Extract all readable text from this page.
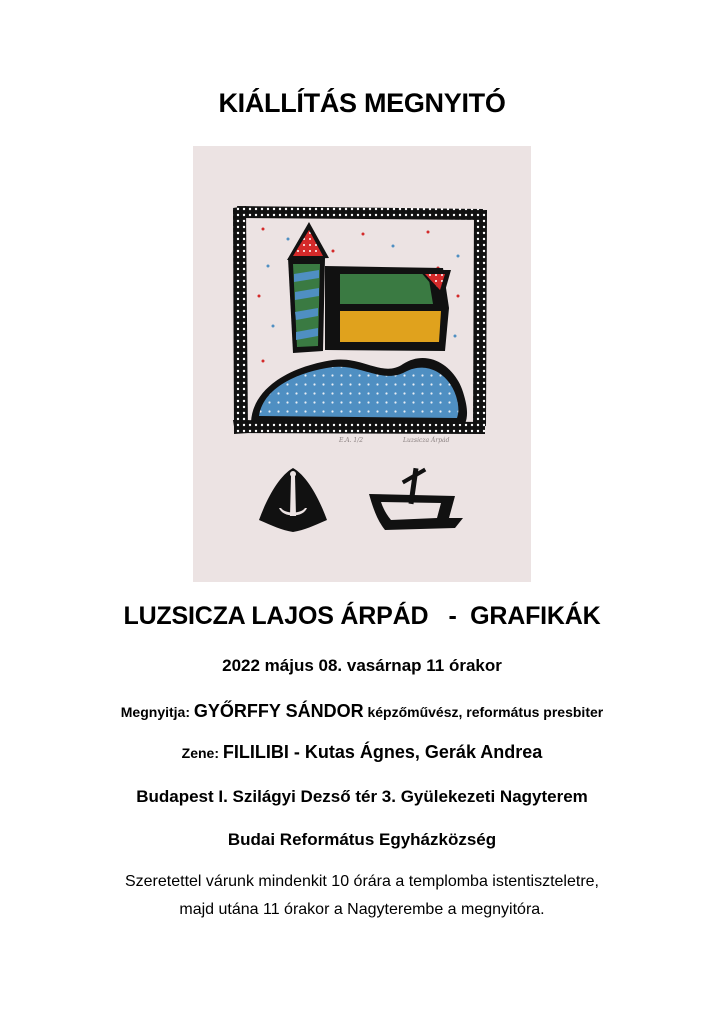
KIÁLLÍTÁS MEGNYITÓ
E.A. 1/2	Luzsicza Árpád
LUZSICZA LAJOS ÁRPÁD   -  GRAFIKÁK
2022 május 08. vasárnap 11 órakor
Megnyitja: GYŐRFFY SÁNDOR képzőművész, református presbiter
Zene: FILILIBI - Kutas Ágnes, Gerák Andrea
Budapest I. Szilágyi Dezső tér 3. Gyülekezeti Nagyterem
Budai Református Egyházközség
Szeretettel várunk mindenkit 10 órára a templomba istentiszteletre,
majd utána 11 órakor a Nagyterembe a megnyitóra.
